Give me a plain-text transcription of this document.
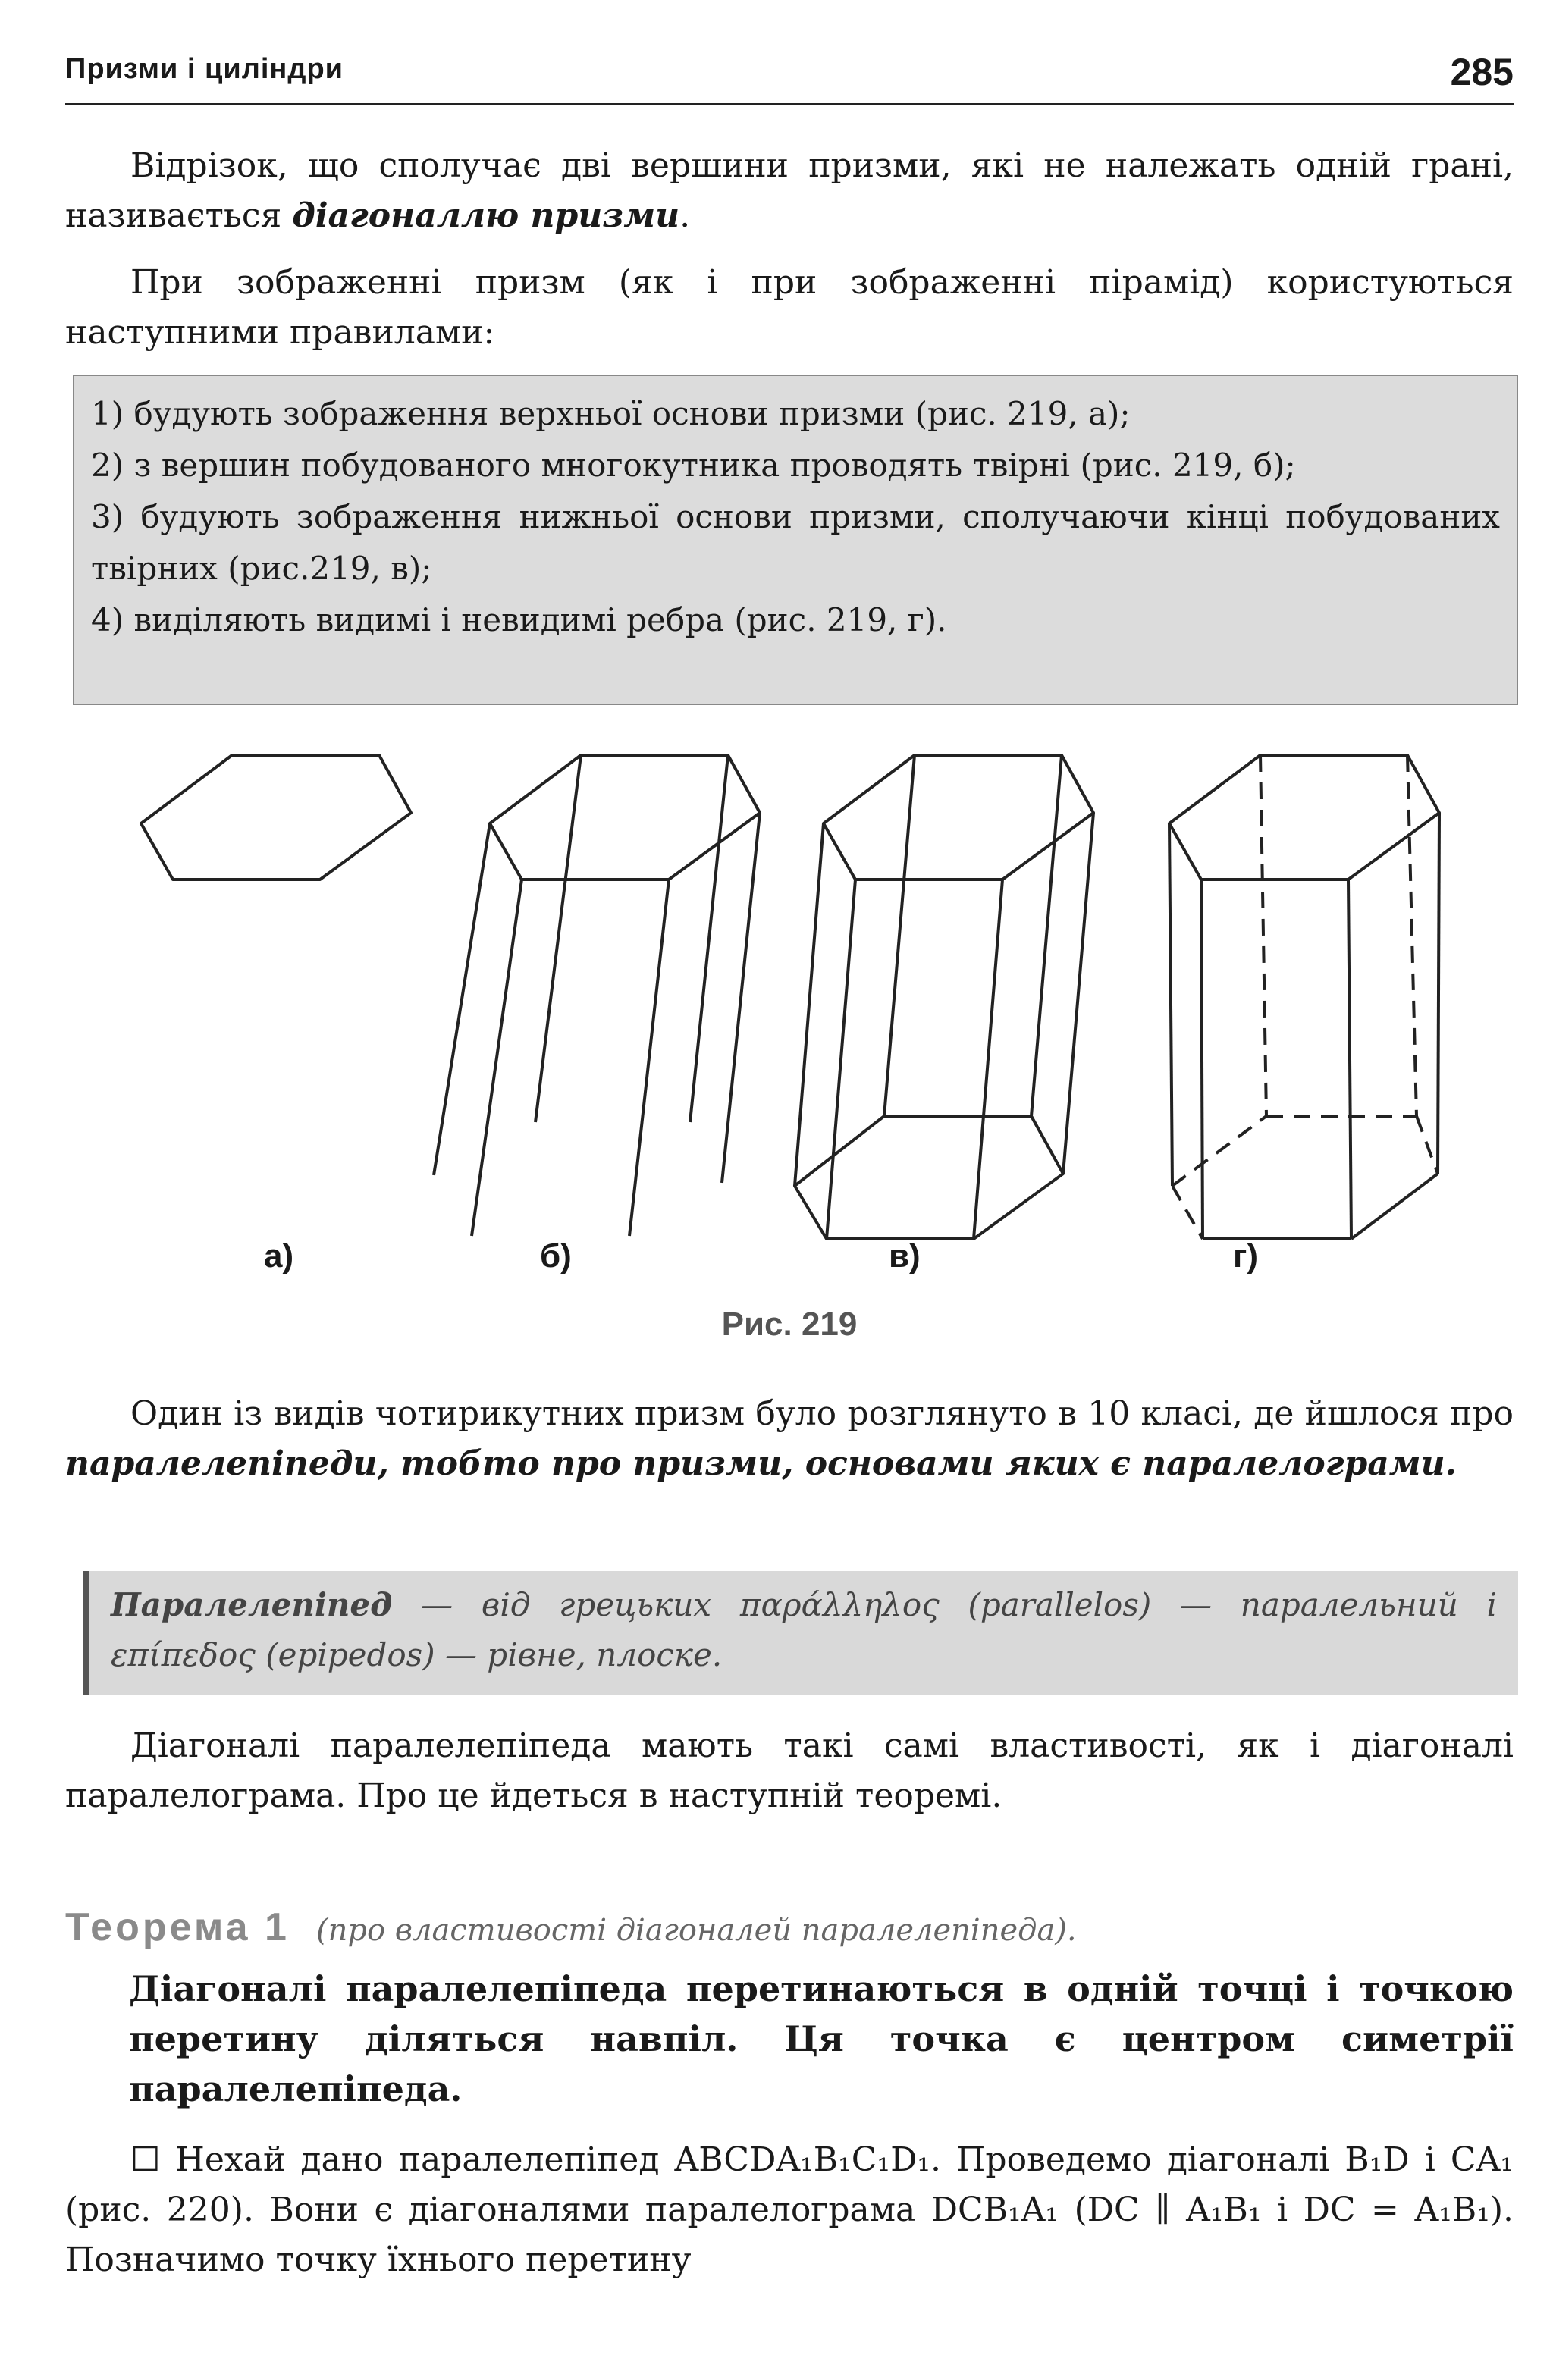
Призми і циліндри	285

Відрізок, що сполучає дві вершини призми, які не належать одній грані, називається діагоналлю призми.

При зображенні призм (як і при зображенні пірамід) користуються наступними правилами:

1) будують зображення верхньої основи призми (рис. 219, а);

2) з вершин побудованого многокутника проводять твірні (рис. 219, б);

3) будують зображення нижньої основи призми, сполучаючи кінці побудованих твірних (рис.219, в);

4) виділяють видимі і невидимі ребра (рис. 219, г).

а)	б)	в)	г)
Рис. 219

Один із видів чотирикутних призм було розглянуто в 10 класі, де йшлося про паралелепіпеди, тобто про призми, основами яких є паралелограми.

Паралелепіпед — від грецьких παράλληλος (parallelos) — паралельний і επίπεδος (epipedos) — рівне, плоске.

Діагоналі паралелепіпеда мають такі самі властивості, як і діагоналі паралелограма. Про це йдеться в наступній теоремі.

Теорема 1 (про властивості діагоналей паралелепіпеда).

Діагоналі паралелепіпеда перетинаються в одній точці і точкою перетину діляться навпіл. Ця точка є центром симетрії паралелепіпеда.

☐ Нехай дано паралелепіпед ABCDA₁B₁C₁D₁. Проведемо діагоналі B₁D і CA₁ (рис. 220). Вони є діагоналями паралелограма DCB₁A₁ (DC ∥ A₁B₁ і DC = A₁B₁). Позначимо точку їхнього перетину
